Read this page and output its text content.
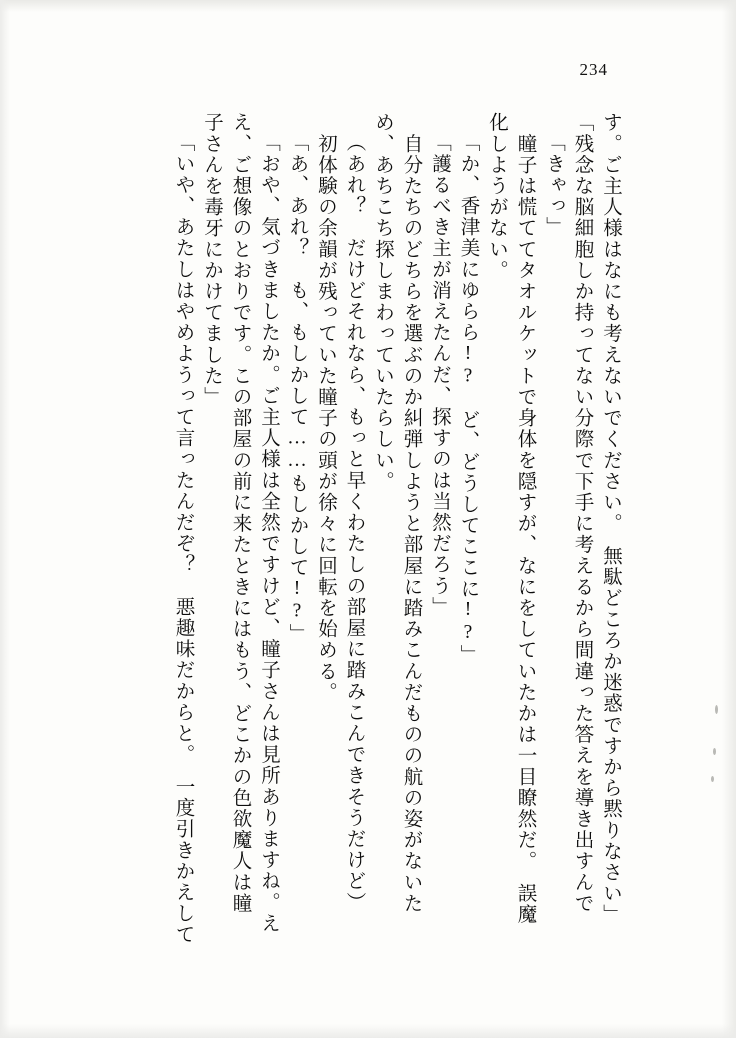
234
す。ご主人様はなにも考えないでください。　無駄どころか迷惑ですから黙りなさい」
「残念な脳細胞しか持ってない分際で下手に考えるから間違った答えを導き出すんで
「きゃっ」
　瞳子は慌ててタオルケットで身体を隠すが、なにをしていたかは一目瞭然だ。　誤魔
化しようがない。
「か、香津美にゆらら!?　ど、どうしてここに!?」
「護るべき主が消えたんだ、探すのは当然だろう」
　自分たちのどちらを選ぶのか糾弾しようと部屋に踏みこんだものの航の姿がないた
め、あちこち探しまわっていたらしい。
（あれ？　だけどそれなら、もっと早くわたしの部屋に踏みこんできそうだけど）
　初体験の余韻が残っていた瞳子の頭が徐々に回転を始める。
「あ、あれ？　も、もしかして……もしかして!?」
「おや、気づきましたか。ご主人様は全然ですけど、瞳子さんは見所ありますね。え
え、ご想像のとおりです。この部屋の前に来たときにはもう、どこかの色欲魔人は瞳
子さんを毒牙にかけてました」
「いや、あたしはやめようって言ったんだぞ？　悪趣味だからと。　一度引きかえして
